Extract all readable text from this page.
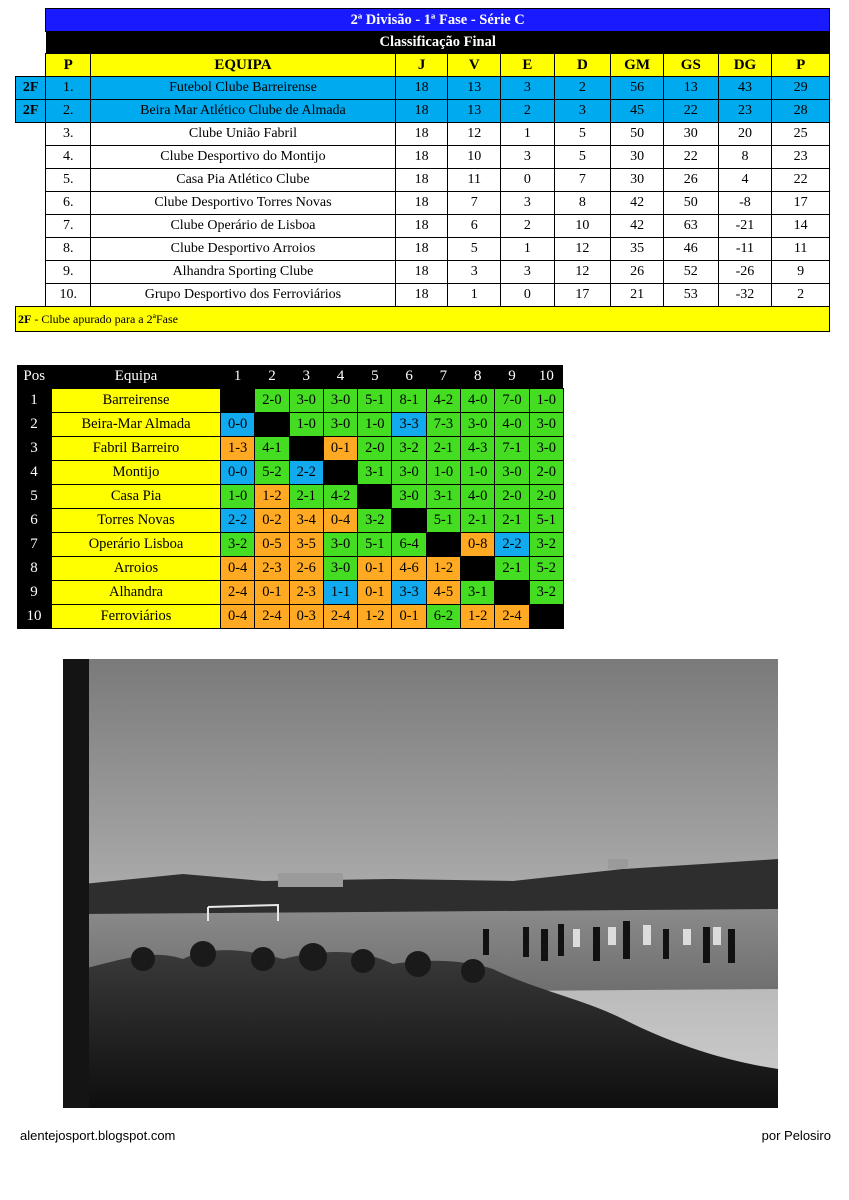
	2ª Divisão - 1ª Fase - Série C									
	Classificação Final									
	P	EQUIPA	J	V	E	D	GM	GS	DG	P
2F	1.	Futebol Clube Barreirense	18	13	3	2	56	13	43	29
2F	2.	Beira Mar Atlético Clube de Almada	18	13	2	3	45	22	23	28
	3.	Clube União Fabril	18	12	1	5	50	30	20	25
	4.	Clube Desportivo do Montijo	18	10	3	5	30	22	8	23
	5.	Casa Pia Atlético Clube	18	11	0	7	30	26	4	22
	6.	Clube Desportivo Torres Novas	18	7	3	8	42	50	-8	17
	7.	Clube Operário de Lisboa	18	6	2	10	42	63	-21	14
	8.	Clube Desportivo Arroios	18	5	1	12	35	46	-11	11
	9.	Alhandra Sporting Clube	18	3	3	12	26	52	-26	9
	10.	Grupo Desportivo dos Ferroviários	18	1	0	17	21	53	-32	2
2F - Clube apurado para a 2ªFase										
Pos	Equipa	1	2	3	4	5	6	7	8	9	10
1	Barreirense		2-0	3-0	3-0	5-1	8-1	4-2	4-0	7-0	1-0
2	Beira-Mar Almada	0-0		1-0	3-0	1-0	3-3	7-3	3-0	4-0	3-0
3	Fabril Barreiro	1-3	4-1		0-1	2-0	3-2	2-1	4-3	7-1	3-0
4	Montijo	0-0	5-2	2-2		3-1	3-0	1-0	1-0	3-0	2-0
5	Casa Pia	1-0	1-2	2-1	4-2		3-0	3-1	4-0	2-0	2-0
6	Torres Novas	2-2	0-2	3-4	0-4	3-2		5-1	2-1	2-1	5-1
7	Operário Lisboa	3-2	0-5	3-5	3-0	5-1	6-4		0-8	2-2	3-2
8	Arroios	0-4	2-3	2-6	3-0	0-1	4-6	1-2		2-1	5-2
9	Alhandra	2-4	0-1	2-3	1-1	0-1	3-3	4-5	3-1		3-2
10	Ferroviários	0-4	2-4	0-3	2-4	1-2	0-1	6-2	1-2	2-4	
alentejosport.blogspot.com	por Pelosiro
